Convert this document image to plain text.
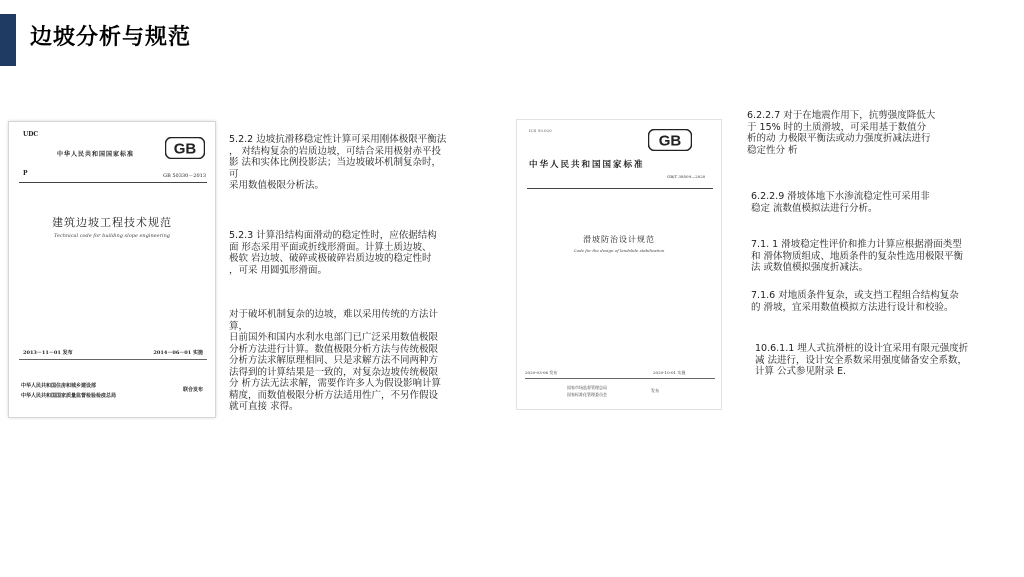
边坡分析与规范
UDC
中华人民共和国国家标准	GB
P	GB 50330－2013
建筑边坡工程技术规范
Technical code for building slope engineering
2013－11－01 发布	2014－06－01 实施
中华人民共和国住房和城乡建设部
中华人民共和国国家质量监督检验检疫总局
联合发布
5.2.2 边坡抗滑移稳定性计算可采用刚体极限平衡法
， 对结构复杂的岩质边坡，可结合采用极射赤平投
影 法和实体比例投影法；当边坡破坏机制复杂时，
可
采用数值极限分析法。
5.2.3 计算沿结构面滑动的稳定性时，应依据结构
面 形态采用平面或折线形滑面。计算土质边坡、
极软 岩边坡、破碎或极破碎岩质边坡的稳定性时
，可采 用圆弧形滑面。
对于破坏机制复杂的边坡，难以采用传统的方法计
算，
日前国外和国内水利水电部门已广泛采用数值极限
分析方法进行计算。数值极限分析方法与传统极限
分析方法求解原理相同、只是求解方法不同两种方
法得到的计算结果是一致的，对复杂边坡传统极限
分 析方法无法求解，需要作许多人为假设影响计算
精度，而数值极限分析方法适用性广，不另作假设
就可直接 求得。
ICS 93.020
GB
中华人民共和国国家标准
GB/T 38509—2020
滑坡防治设计规范
Code for the design of landslide stabilization
2020-03-06 发布	2020-10-01 实施
国家市场监督管理总局
国家标准化管理委员会
发布
6.2.2.7 对于在地震作用下，抗剪强度降低大
于 15% 时的土质滑坡，可采用基于数值分
析的动 力极限平衡法或动力强度折减法进行
稳定性分 析
6.2.2.9 滑坡体地下水渗流稳定性可采用非
稳定 流数值模拟法进行分析。
7.1. 1 滑坡稳定性评价和推力计算应根据滑面类型
和 滑体物质组成、地质条件的复杂性选用极限平衡
法 或数值模拟强度折减法。
7.1.6 对地质条件复杂，或支挡工程组合结构复杂
的 滑坡，宜采用数值模拟方法进行设计和校验。
10.6.1.1 埋人式抗滑桩的设计宜采用有限元强度折
减 法进行，设计安全系数采用强度储备安全系数，
计算 公式参见附录 E.
